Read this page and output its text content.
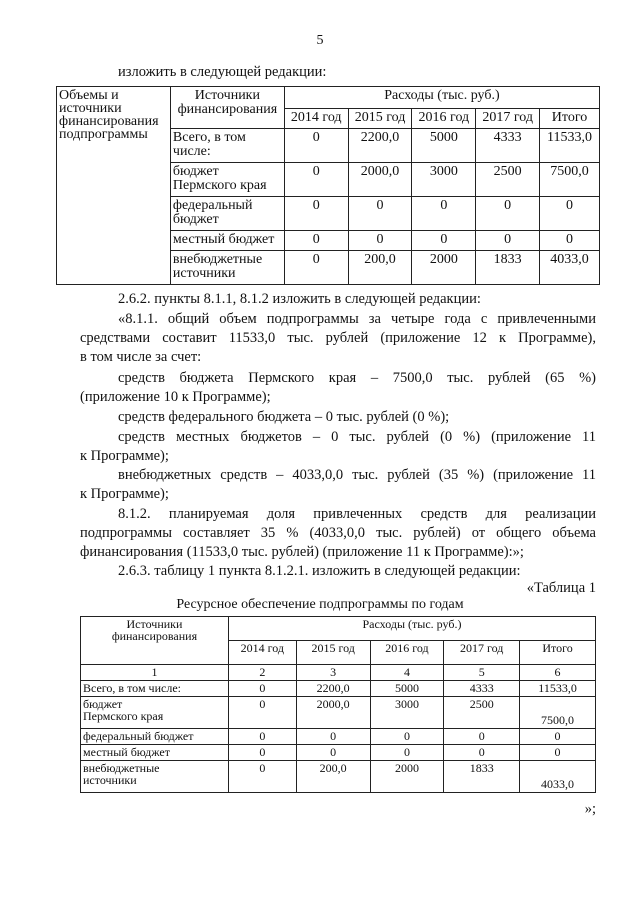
5
изложить в следующей редакции:
Объемы и источники финансирования подпрограммы	Источники финансирования	Расходы (тыс. руб.)				
		2014 год	2015 год	2016 год	2017 год	Итого
	Всего, в том числе:	0	2200,0	5000	4333	11533,0
	бюджет Пермского края	0	2000,0	3000	2500	7500,0
	федеральный бюджет	0	0	0	0	0
	местный бюджет	0	0	0	0	0
	внебюджетные источники	0	200,0	2000	1833	4033,0
2.6.2. пункты 8.1.1, 8.1.2 изложить в следующей редакции:
«8.1.1. общий объем подпрограммы за четыре года с привлеченными
средствами составит 11533,0 тыс. рублей (приложение 12 к Программе),
в том числе за счет:
средств бюджета Пермского края – 7500,0 тыс. рублей (65 %)
(приложение 10 к Программе);
средств федерального бюджета – 0 тыс. рублей (0 %);
средств местных бюджетов – 0 тыс. рублей (0 %) (приложение 11
к Программе);
внебюджетных средств – 4033,0,0 тыс. рублей (35 %) (приложение 11
к Программе);
8.1.2. планируемая доля привлеченных средств для реализации
подпрограммы составляет 35 % (4033,0,0 тыс. рублей) от общего объема
финансирования (11533,0 тыс. рублей) (приложение 11 к Программе):»;
2.6.3. таблицу 1 пункта 8.1.2.1. изложить в следующей редакции:
«Таблица 1
Ресурсное обеспечение подпрограммы по годам
Источники финансирования	Расходы (тыс. руб.)				
	2014 год	2015 год	2016 год	2017 год	Итого
1	2	3	4	5	6
Всего, в том числе:	0	2200,0	5000	4333	11533,0
бюджет Пермского края	0	2000,0	3000	2500	7500,0
федеральный бюджет	0	0	0	0	0
местный бюджет	0	0	0	0	0
внебюджетные источники	0	200,0	2000	1833	4033,0
»;
